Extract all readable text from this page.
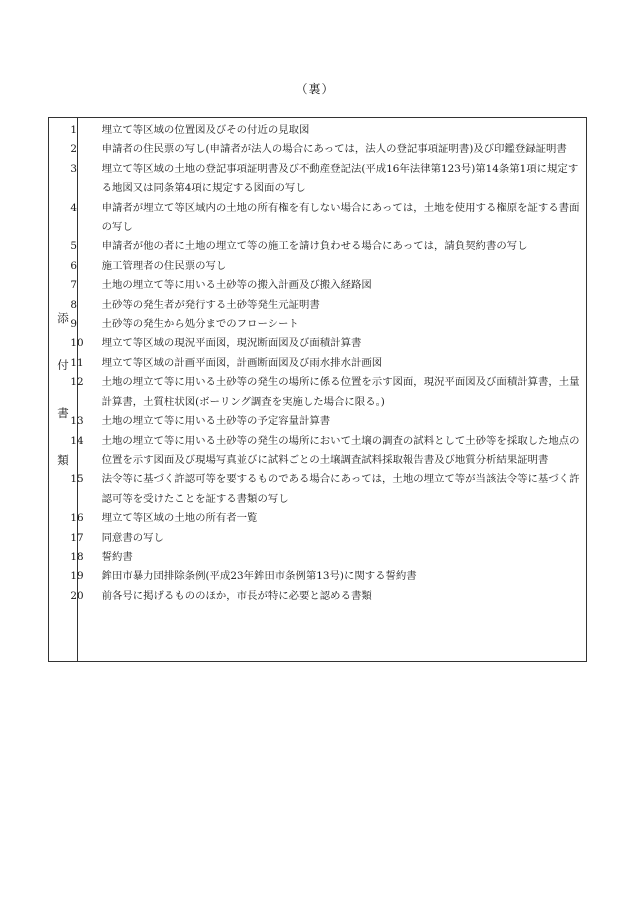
（裏）
添
付
書
類
1 埋立て等区域の位置図及びその付近の見取図
2 申請者の住民票の写し(申請者が法人の場合にあっては，法人の登記事項証明書)及び印鑑登録証明書
3 埋立て等区域の土地の登記事項証明書及び不動産登記法(平成16年法律第123号)第14条第1項に規定する地図又は同条第4項に規定する図面の写し
4 申請者が埋立て等区域内の土地の所有権を有しない場合にあっては，土地を使用する権原を証する書面の写し
5 申請者が他の者に土地の埋立て等の施工を請け負わせる場合にあっては，請負契約書の写し
6 施工管理者の住民票の写し
7 土地の埋立て等に用いる土砂等の搬入計画及び搬入経路図
8 土砂等の発生者が発行する土砂等発生元証明書
9 土砂等の発生から処分までのフローシート
10 埋立て等区域の現況平面図，現況断面図及び面積計算書
11 埋立て等区域の計画平面図，計画断面図及び雨水排水計画図
12 土地の埋立て等に用いる土砂等の発生の場所に係る位置を示す図面，現況平面図及び面積計算書，土量計算書，土質柱状図(ボーリング調査を実施した場合に限る。)
13 土地の埋立て等に用いる土砂等の予定容量計算書
14 土地の埋立て等に用いる土砂等の発生の場所において土壌の調査の試料として土砂等を採取した地点の位置を示す図面及び現場写真並びに試料ごとの土壌調査試料採取報告書及び地質分析結果証明書
15 法令等に基づく許認可等を要するものである場合にあっては，土地の埋立て等が当該法令等に基づく許認可等を受けたことを証する書類の写し
16 埋立て等区域の土地の所有者一覧
17 同意書の写し
18 誓約書
19 鉾田市暴力団排除条例(平成23年鉾田市条例第13号)に関する誓約書
20 前各号に掲げるもののほか，市長が特に必要と認める書類
